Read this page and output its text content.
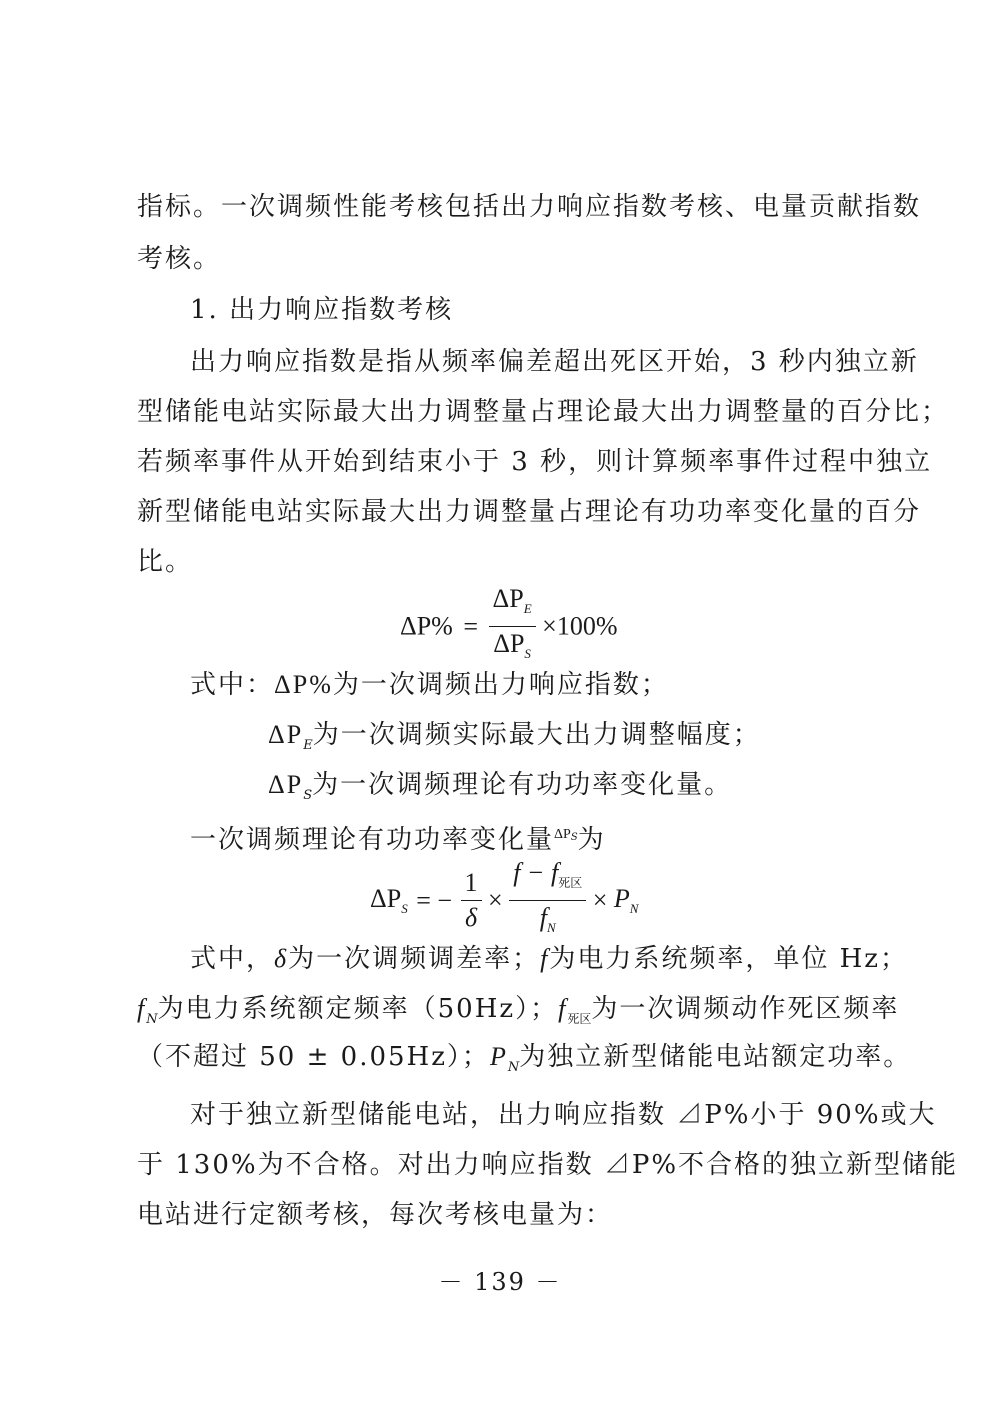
指标。一次调频性能考核包括出力响应指数考核、电量贡献指数
考核。
1. 出力响应指数考核
出力响应指数是指从频率偏差超出死区开始，3 秒内独立新
型储能电站实际最大出力调整量占理论最大出力调整量的百分比；
若频率事件从开始到结束小于 3 秒，则计算频率事件过程中独立
新型储能电站实际最大出力调整量占理论有功功率变化量的百分
比。
$\Delta P\% = \frac{\Delta P_E}{\Delta P_S} \times 100\%$
式中：ΔP%为一次调频出力响应指数；
$\Delta P_E$为一次调频实际最大出力调整幅度；
$\Delta P_S$为一次调频理论有功功率变化量。
一次调频理论有功功率变化量$^{\Delta PS}$为
$\Delta P_S$ = − $\frac{1}{\delta} \times \frac{f - f_{死区}}{f_N} \times P_N$
式中，δ为一次调频调差率；f为电力系统频率，单位 Hz；
$f_N$为电力系统额定频率（50Hz）；$f_{死区}$为一次调频动作死区频率
（不超过 50 ± 0.05Hz）；$P_N$为独立新型储能电站额定功率。
对于独立新型储能电站，出力响应指数 ⊿P%小于 90%或大
于 130%为不合格。对出力响应指数 ⊿P%不合格的独立新型储能
电站进行定额考核，每次考核电量为：
－ 139 －
